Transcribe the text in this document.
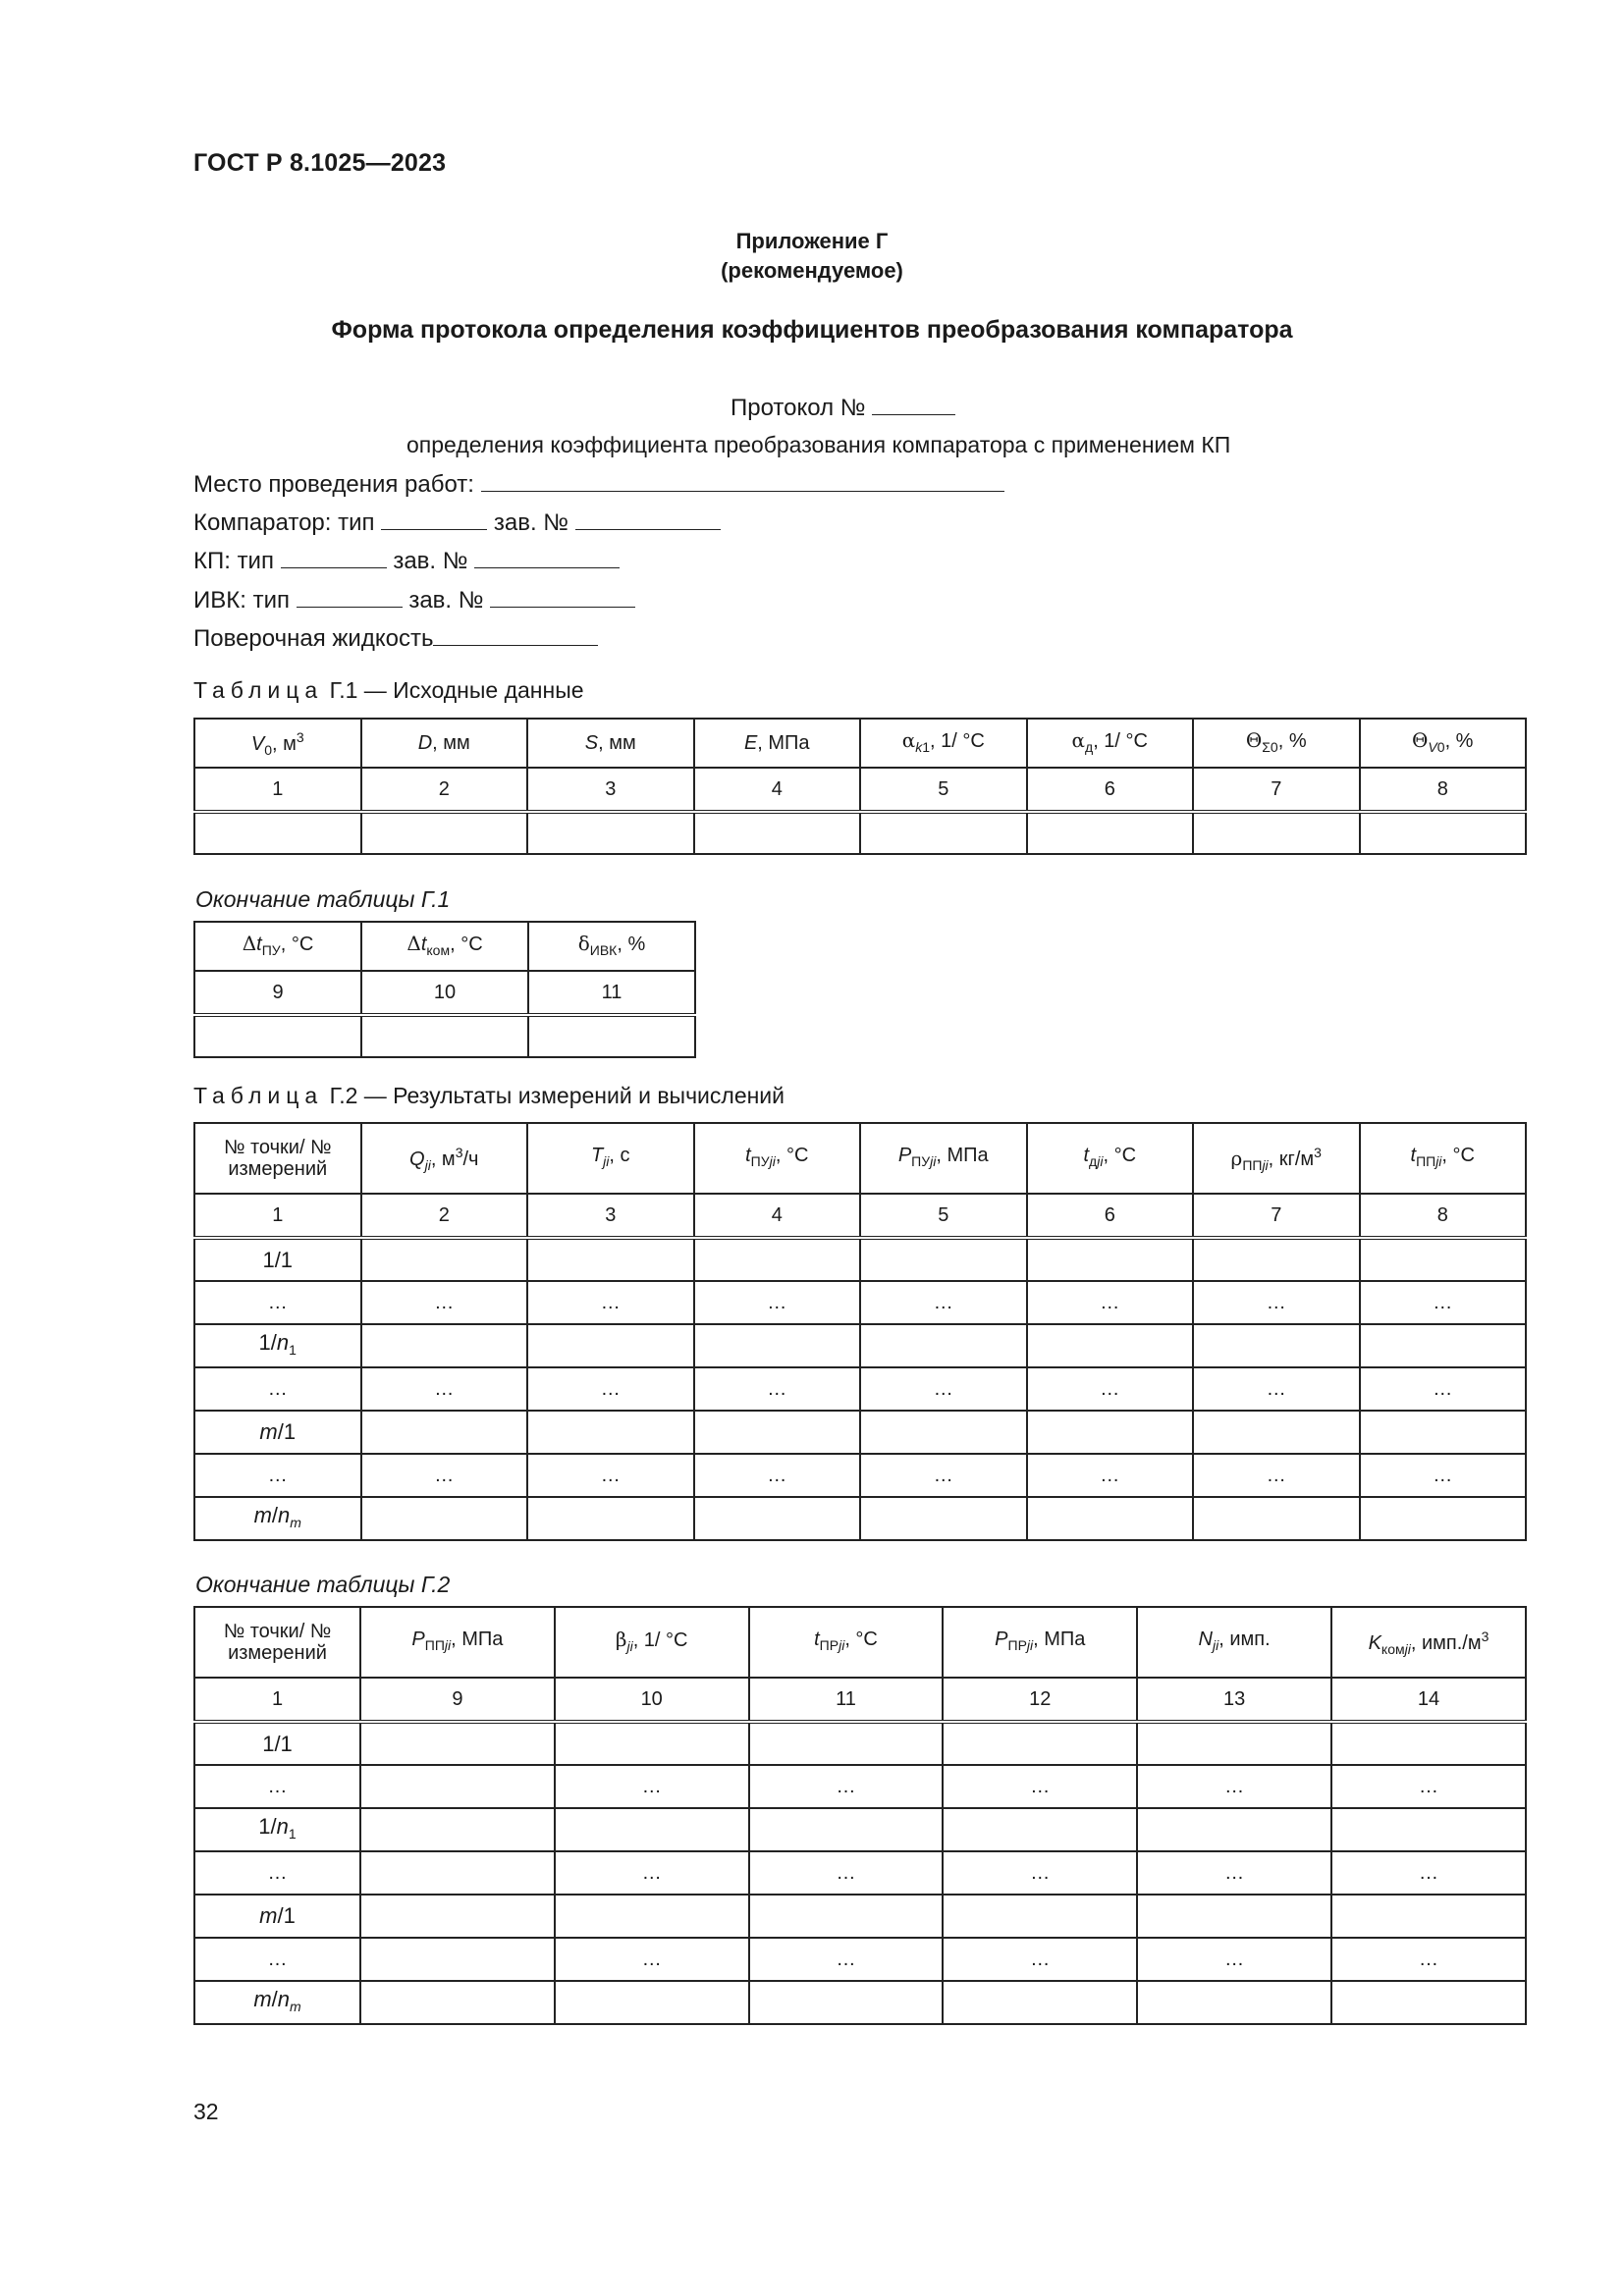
ГОСТ Р 8.1025—2023
Приложение Г
(рекомендуемое)
Форма протокола определения коэффициентов преобразования компаратора
Протокол №
определения коэффициента преобразования компаратора с применением КП
Место проведения работ:
Компаратор: тип	зав. №
КП: тип	зав. №
ИВК: тип	зав. №
Поверочная жидкость
Таблица Г.1 — Исходные данные
$V_0$, $м^3$	D, мм	S, мм	E, МПа	$\alpha_{k1}$, 1/ °C	$\alpha_д$, 1/ °C	$\Theta_{\Sigma 0}$, %	$\Theta_{V0}$, %
1	2	3	4	5	6	7	8

Окончание таблицы Г.1
$\Delta t_{ПУ}$, °C	$\Delta t_{ком}$, °C	$\delta_{ИВК}$, %
9	10	11

Таблица Г.2 — Результаты измерений и вычислений
№ точки/ № измерений	$Q_{ji}$, $м^3/ч$	$T_{ji}$, с	$t_{ПУji}$, °C	$P_{ПУji}$, МПа	$t_{дji}$, °C	$\rho_{ППji}$, $кг/м^3$	$t_{ППji}$, °C
1	2	3	4	5	6	7	8
1/1							
…	…	…	…	…	…	…	…
$1/n_1$							
…	…	…	…	…	…	…	…
m/1							
…	…	…	…	…	…	…	…
$m/n_m$							
Окончание таблицы Г.2
№ точки/ № измерений	$P_{ППji}$, МПа	$\beta_{ji}$, 1/ °C	$t_{ПРji}$, °C	$P_{ПРji}$, МПа	$N_{ji}$, имп.	$K_{комji}$, $имп./м^3$
1	9	10	11	12	13	14
1/1						
…		…	…	…	…	…
$1/n_1$						
…		…	…	…	…	…
m/1						
…		…	…	…	…	…
$m/n_m$						
32
